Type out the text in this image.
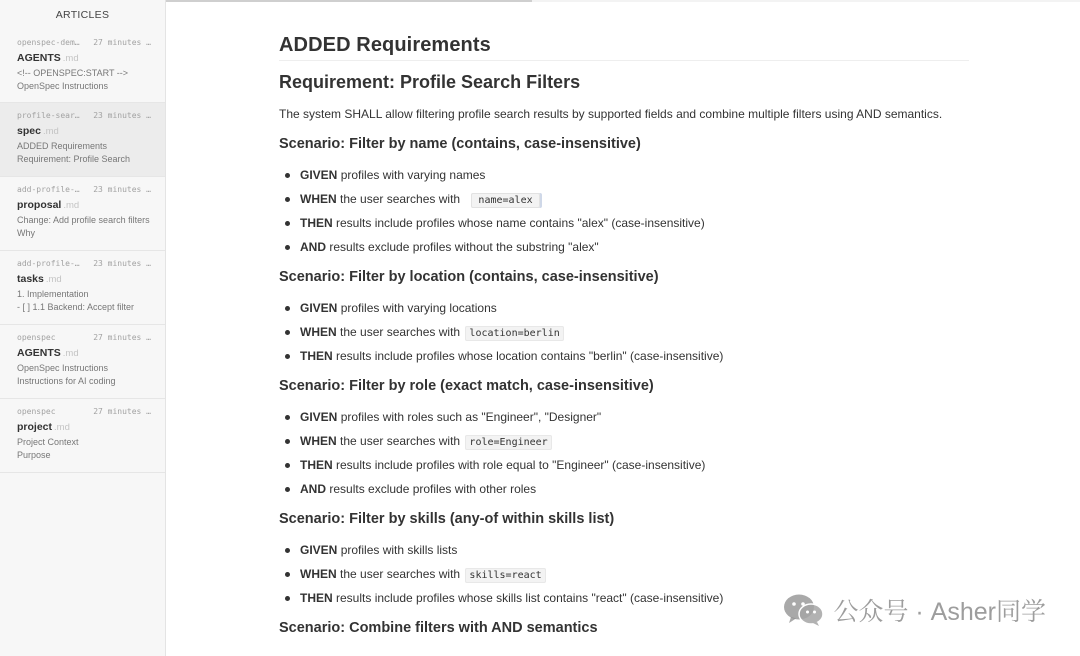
ARTICLES
openspec-dem… 27 minutes …
AGENTS .md
<!-- OPENSPEC:START -->
OpenSpec Instructions
profile-sear… 23 minutes …
spec .md
ADDED Requirements
Requirement: Profile Search
add-profile-… 23 minutes …
proposal .md
Change: Add profile search filters
Why
add-profile-… 23 minutes …
tasks .md
1. Implementation
- [ ] 1.1 Backend: Accept filter
openspec	27 minutes …
AGENTS .md
OpenSpec Instructions
Instructions for AI coding
openspec	27 minutes …
project .md
Project Context
Purpose
ADDED Requirements
Requirement: Profile Search Filters

The system SHALL allow filtering profile search results by supported fields and combine multiple filters using AND semantics.

Scenario: Filter by name (contains, case-insensitive)
GIVEN profiles with varying names
WHEN the user searches with name=alex
THEN results include profiles whose name contains "alex" (case-insensitive)
AND results exclude profiles without the substring "alex"
Scenario: Filter by location (contains, case-insensitive)
GIVEN profiles with varying locations
WHEN the user searches with location=berlin
THEN results include profiles whose location contains "berlin" (case-insensitive)
Scenario: Filter by role (exact match, case-insensitive)
GIVEN profiles with roles such as "Engineer", "Designer"
WHEN the user searches with role=Engineer
THEN results include profiles with role equal to "Engineer" (case-insensitive)
AND results exclude profiles with other roles
Scenario: Filter by skills (any-of within skills list)
GIVEN profiles with skills lists
WHEN the user searches with skills=react
THEN results include profiles whose skills list contains "react" (case-insensitive)
Scenario: Combine filters with AND semantics
公众号 · Asher同学
